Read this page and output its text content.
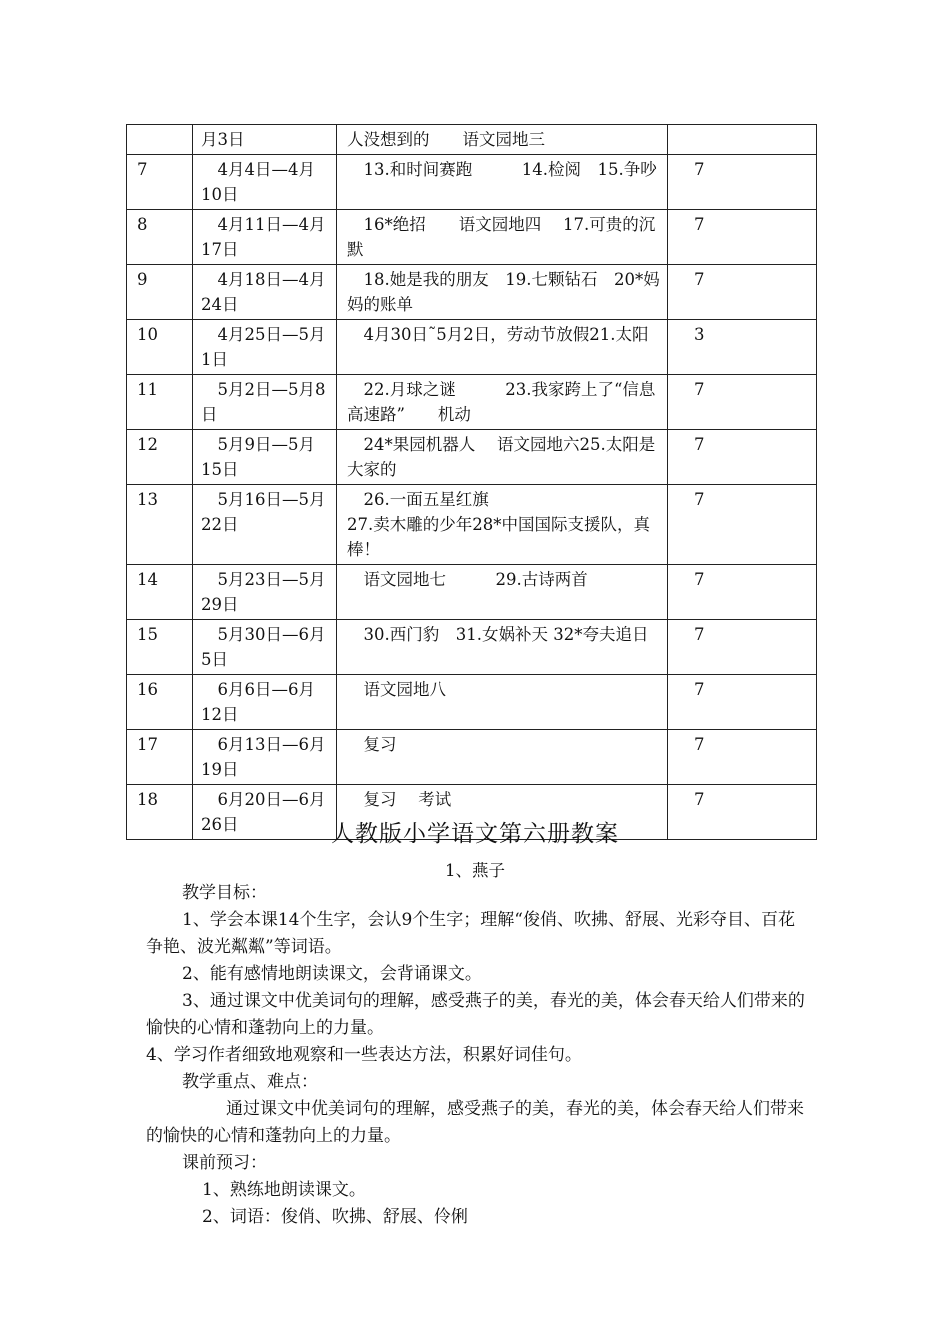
	月3日	人没想到的　　语文园地三	
7	　4月4日—4月10日	　13.和时间赛跑　　　14.检阅　15.争吵	7
8	　4月11日—4月17日	　16*绝招　　语文园地四　 17.可贵的沉默	7
9	　4月18日—4月24日	　18.她是我的朋友　19.七颗钻石　20*妈妈的账单	7
10	　4月25日—5月1日	　4月30日˜5月2日，劳动节放假21.太阳	3
11	　5月2日—5月8日	　22.月球之谜　　　23.我家跨上了“信息高速路”　　机动	7
12	　5月9日—5月15日	　24*果园机器人　 语文园地六25.太阳是大家的	7
13	　5月16日—5月22日	　26.一面五星红旗
27.卖木雕的少年28*中国国际支援队，真棒！	7
14	　5月23日—5月29日	　语文园地七　　　29.古诗两首	7
15	　5月30日—6月5日	　30.西门豹　31.女娲补天 32*夸夫追日	7
16	　6月6日—6月12日	　语文园地八	7
17	　6月13日—6月19日	　复习	7
18	　6月20日—6月26日	　复习　 考试	7
人教版小学语文第六册教案
1、燕子

教学目标：

1、学会本课14个生字，会认9个生字；理解“俊俏、吹拂、舒展、光彩夺目、百花争艳、波光粼粼”等词语。

2、能有感情地朗读课文，会背诵课文。

3、通过课文中优美词句的理解，感受燕子的美，春光的美，体会春天给人们带来的愉快的心情和蓬勃向上的力量。

4、学习作者细致地观察和一些表达方法，积累好词佳句。

教学重点、难点：

通过课文中优美词句的理解，感受燕子的美，春光的美，体会春天给人们带来的愉快的心情和蓬勃向上的力量。

课前预习：

1、熟练地朗读课文。

2、词语：俊俏、吹拂、舒展、伶俐
